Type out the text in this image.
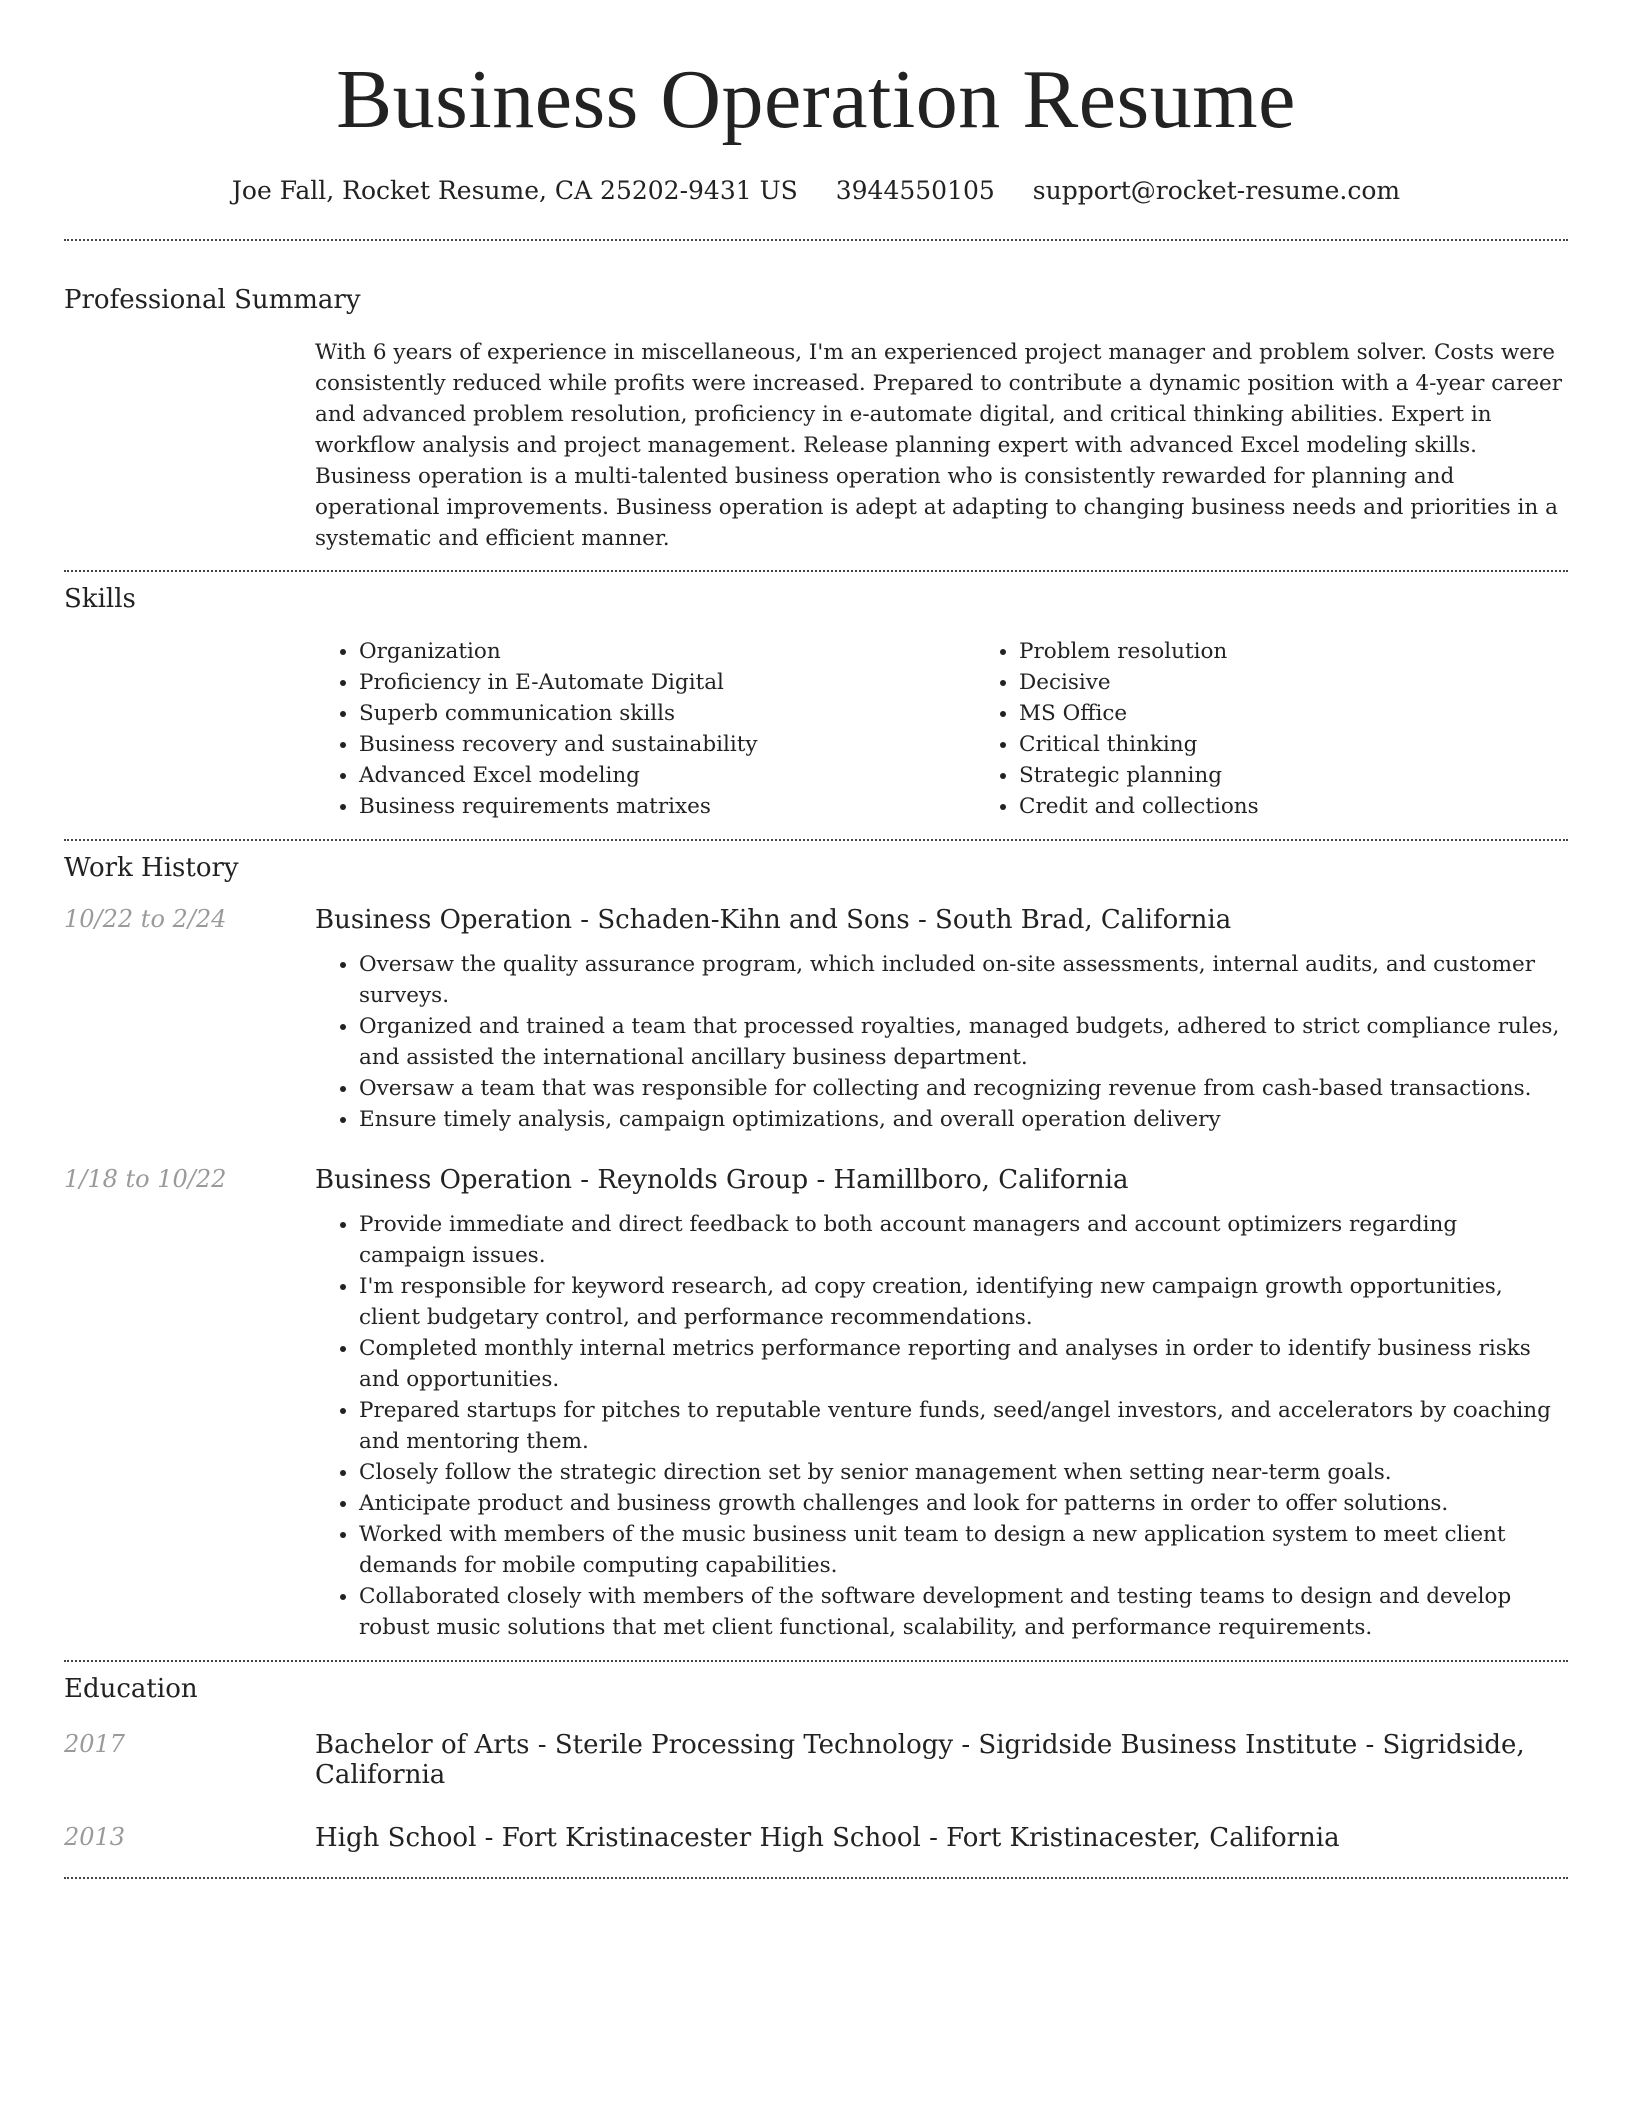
Business Operation Resume
Joe Fall, Rocket Resume, CA 25202-9431 US 3944550105 support@rocket-resume.com
Professional Summary
With 6 years of experience in miscellaneous, I'm an experienced project manager and problem solver. Costs were consistently reduced while profits were increased. Prepared to contribute a dynamic position with a 4-year career and advanced problem resolution, proficiency in e-automate digital, and critical thinking abilities. Expert in workflow analysis and project management. Release planning expert with advanced Excel modeling skills. Business operation is a multi-talented business operation who is consistently rewarded for planning and operational improvements. Business operation is adept at adapting to changing business needs and priorities in a systematic and efficient manner.
Skills
• Organization
• Proficiency in E-Automate Digital
• Superb communication skills
• Business recovery and sustainability
• Advanced Excel modeling
• Business requirements matrixes
• Problem resolution
• Decisive
• MS Office
• Critical thinking
• Strategic planning
• Credit and collections
Work History
10/22 to 2/24	Business Operation - Schaden-Kihn and Sons - South Brad, California
• Oversaw the quality assurance program, which included on-site assessments, internal audits, and customer surveys.
• Organized and trained a team that processed royalties, managed budgets, adhered to strict compliance rules, and assisted the international ancillary business department.
• Oversaw a team that was responsible for collecting and recognizing revenue from cash-based transactions.
• Ensure timely analysis, campaign optimizations, and overall operation delivery
1/18 to 10/22	Business Operation - Reynolds Group - Hamillboro, California
• Provide immediate and direct feedback to both account managers and account optimizers regarding campaign issues.
• I'm responsible for keyword research, ad copy creation, identifying new campaign growth opportunities, client budgetary control, and performance recommendations.
• Completed monthly internal metrics performance reporting and analyses in order to identify business risks and opportunities.
• Prepared startups for pitches to reputable venture funds, seed/angel investors, and accelerators by coaching and mentoring them.
• Closely follow the strategic direction set by senior management when setting near-term goals.
• Anticipate product and business growth challenges and look for patterns in order to offer solutions.
• Worked with members of the music business unit team to design a new application system to meet client demands for mobile computing capabilities.
• Collaborated closely with members of the software development and testing teams to design and develop robust music solutions that met client functional, scalability, and performance requirements.
Education
2017	Bachelor of Arts - Sterile Processing Technology - Sigridside Business Institute - Sigridside, California
2013	High School - Fort Kristinacester High School - Fort Kristinacester, California
